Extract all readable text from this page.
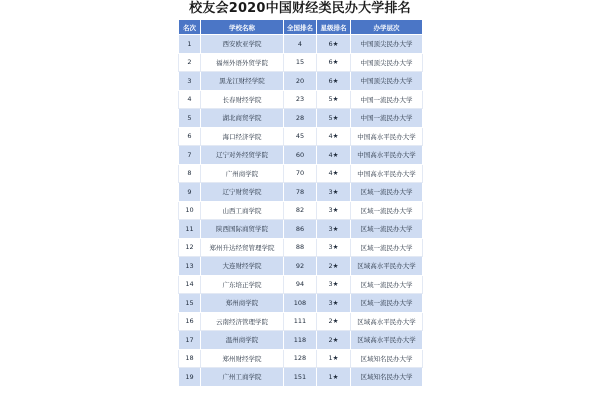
校友会2020中国财经类民办大学排名
名次	学校名称	全国排名	星级排名	办学层次
1	西安欧亚学院	4	6★	中国顶尖民办大学
2	福州外语外贸学院	15	6★	中国顶尖民办大学
3	黑龙江财经学院	20	6★	中国顶尖民办大学
4	长春财经学院	23	5★	中国一流民办大学
5	湖北商贸学院	28	5★	中国一流民办大学
6	海口经济学院	45	4★	中国高水平民办大学
7	辽宁对外经贸学院	60	4★	中国高水平民办大学
8	广州商学院	70	4★	中国高水平民办大学
9	辽宁财贸学院	78	3★	区域一流民办大学
10	山西工商学院	82	3★	区域一流民办大学
11	陕西国际商贸学院	86	3★	区域一流民办大学
12	郑州升达经贸管理学院	88	3★	区域一流民办大学
13	大连财经学院	92	2★	区域高水平民办大学
14	广东培正学院	94	3★	区域一流民办大学
15	郑州商学院	108	3★	区域一流民办大学
16	云南经济管理学院	111	2★	区域高水平民办大学
17	温州商学院	118	2★	区域高水平民办大学
18	郑州财经学院	128	1★	区域知名民办大学
19	广州工商学院	151	1★	区域知名民办大学
